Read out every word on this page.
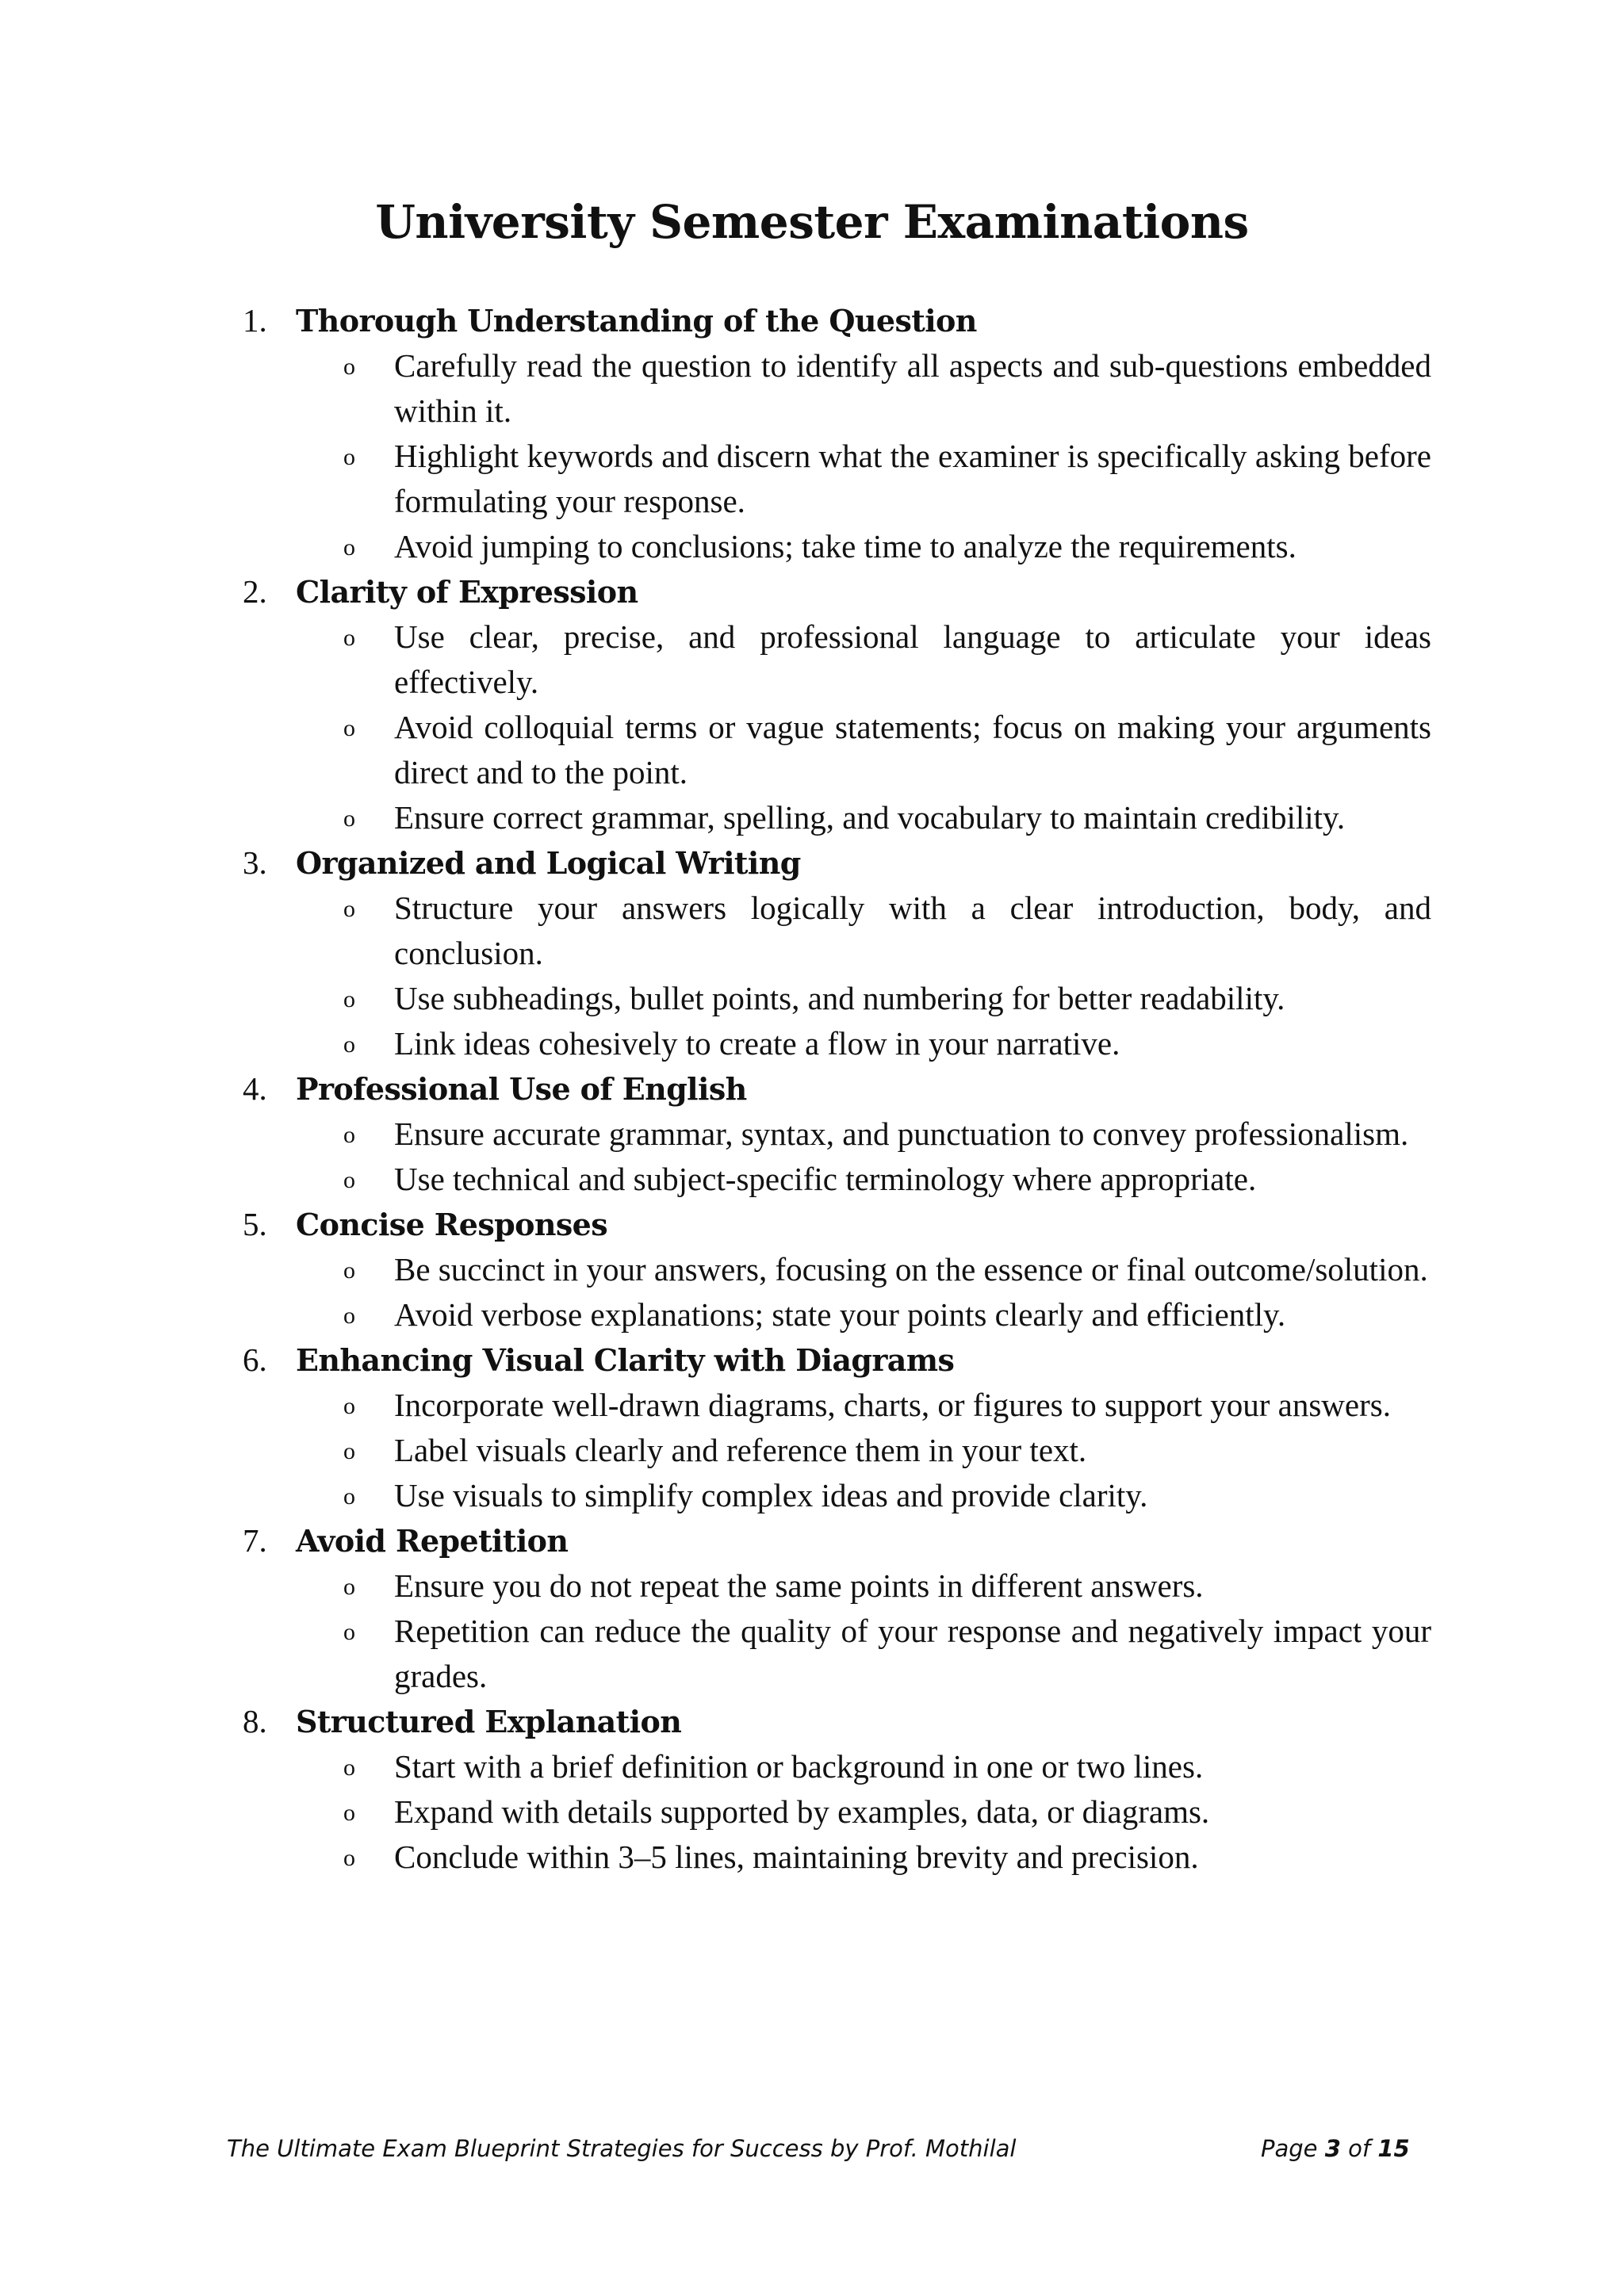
University Semester Examinations
1. Thorough Understanding of the Question
o Carefully read the question to identify all aspects and sub-questions embedded within it.
o Highlight keywords and discern what the examiner is specifically asking before formulating your response.
o Avoid jumping to conclusions; take time to analyze the requirements.
2. Clarity of Expression
o Use clear, precise, and professional language to articulate your ideas effectively.
o Avoid colloquial terms or vague statements; focus on making your arguments direct and to the point.
o Ensure correct grammar, spelling, and vocabulary to maintain credibility.
3. Organized and Logical Writing
o Structure your answers logically with a clear introduction, body, and conclusion.
o Use subheadings, bullet points, and numbering for better readability.
o Link ideas cohesively to create a flow in your narrative.
4. Professional Use of English
o Ensure accurate grammar, syntax, and punctuation to convey professionalism.
o Use technical and subject-specific terminology where appropriate.
5. Concise Responses
o Be succinct in your answers, focusing on the essence or final outcome/solution.
o Avoid verbose explanations; state your points clearly and efficiently.
6. Enhancing Visual Clarity with Diagrams
o Incorporate well-drawn diagrams, charts, or figures to support your answers.
o Label visuals clearly and reference them in your text.
o Use visuals to simplify complex ideas and provide clarity.
7. Avoid Repetition
o Ensure you do not repeat the same points in different answers.
o Repetition can reduce the quality of your response and negatively impact your grades.
8. Structured Explanation
o Start with a brief definition or background in one or two lines.
o Expand with details supported by examples, data, or diagrams.
o Conclude within 3–5 lines, maintaining brevity and precision.
The Ultimate Exam Blueprint Strategies for Success by Prof. Mothilal	Page 3 of 15
